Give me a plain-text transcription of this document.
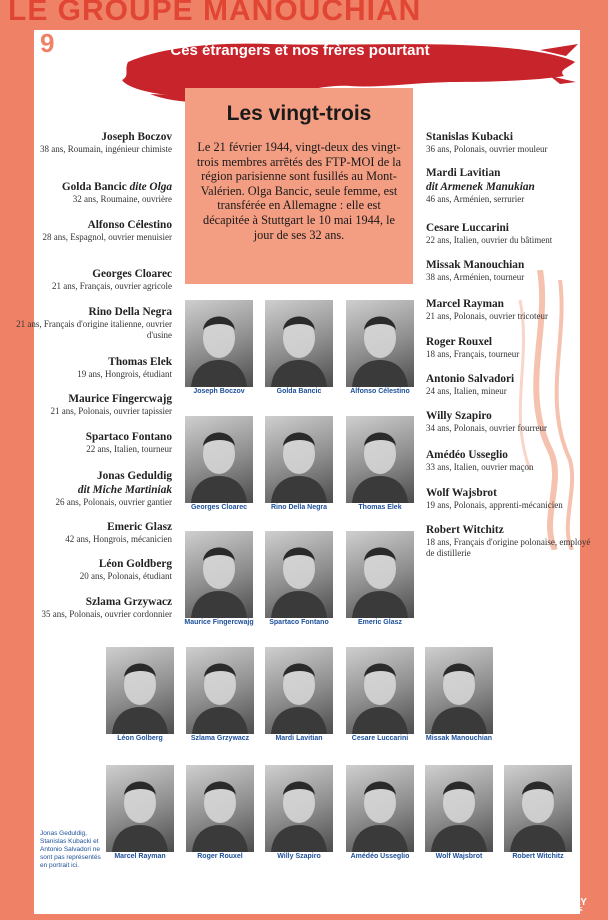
LE GROUPE MANOUCHIAN
9	Ces étrangers et nos frères pourtant
Les vingt-trois
Le 21 février 1944, vingt-deux des vingt-trois membres arrêtés des FTP-MOI de la région parisienne sont fusillés au Mont-Valérien. Olga Bancic, seule femme, est transférée en Allemagne : elle est décapitée à Stuttgart le 10 mai 1944, le jour de ses 32 ans.
Joseph Boczov
38 ans, Roumain, ingénieur chimiste
Golda Bancic dite Olga
32 ans, Roumaine, ouvrière
Alfonso Célestino
28 ans, Espagnol, ouvrier menuisier
Georges Cloarec
21 ans, Français, ouvrier agricole
Rino Della Negra
21 ans, Français d'origine italienne, ouvrier d'usine
Thomas Elek
19 ans, Hongrois, étudiant
Maurice Fingercwajg
21 ans, Polonais, ouvrier tapissier
Spartaco Fontano
22 ans, Italien, tourneur
Jonas Geduldig
dit Miche Martiniak
26 ans, Polonais, ouvrier gantier
Emeric Glasz
42 ans, Hongrois, mécanicien
Léon Goldberg
20 ans, Polonais, étudiant
Szlama Grzywacz
35 ans, Polonais, ouvrier cordonnier
Stanislas Kubacki
36 ans, Polonais, ouvrier mouleur
Mardi Lavitian
dit Armenek Manukian
46 ans, Arménien, serrurier
Cesare Luccarini
22 ans, Italien, ouvrier du bâtiment
Missak Manouchian
38 ans, Arménien, tourneur
Marcel Rayman
21 ans, Polonais, ouvrier tricoteur
Roger Rouxel
18 ans, Français, tourneur
Antonio Salvadori
24 ans, Italien, mineur
Willy Szapiro
34 ans, Polonais, ouvrier fourreur
Amédéo Usseglio
33 ans, Italien, ouvrier maçon
Wolf Wajsbrot
19 ans, Polonais, apprenti-mécanicien
Robert Witchitz
18 ans, Français d'origine polonaise, employé de distillerie
Joseph Boczov	Golda Bancic	Alfonso Célestino
Georges Cloarec	Rino Della Negra	Thomas Elek
Maurice Fingercwajg	Spartaco Fontano	Emeric Glasz
Léon Golberg	Szlama Grzywacz	Mardi Lavitian	Cesare Luccarini	Missak Manouchian
Marcel Rayman	Roger Rouxel	Willy Szapiro	Amédéo Usseglio	Wolf Wajsbrot	Robert Witchitz
Jonas Geduldig, Stanislas Kubacki et Antonio Salvadori ne sont pas représentés en portrait ici.
IVRY
VILLE
